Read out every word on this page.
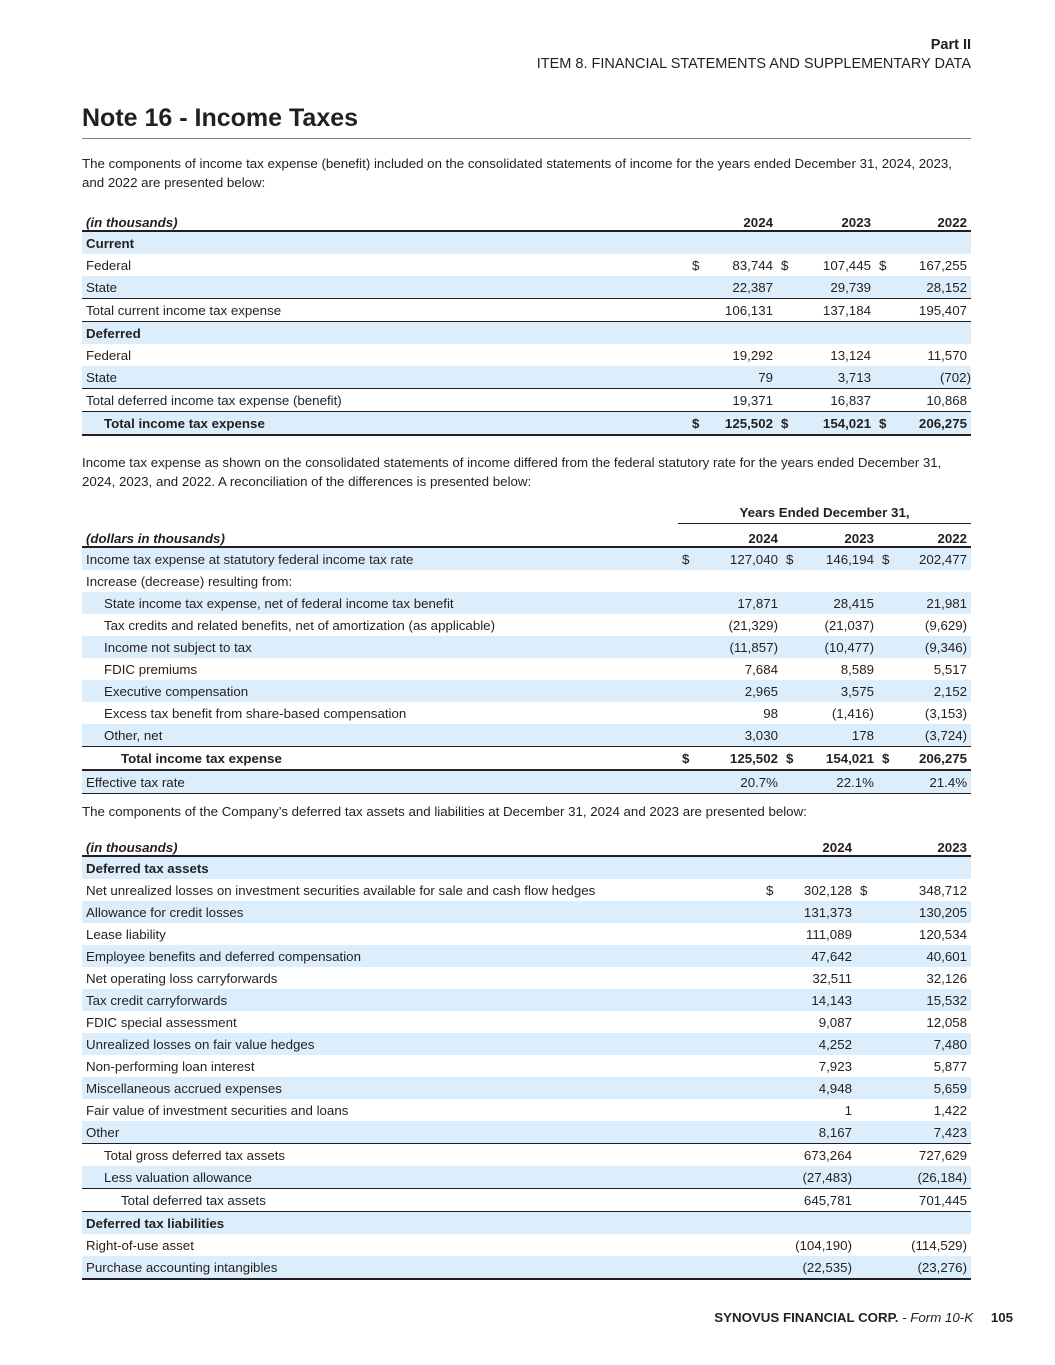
Part II
ITEM 8. FINANCIAL STATEMENTS AND SUPPLEMENTARY DATA
Note 16 - Income Taxes

The components of income tax expense (benefit) included on the consolidated statements of income for the years ended December 31, 2024, 2023, and 2022 are presented below:

(in thousands)		2024		2023		2022
Current						
Federal	$	83,744	$	107,445	$	167,255
State		22,387		29,739		28,152
Total current income tax expense		106,131		137,184		195,407
Deferred						
Federal		19,292		13,124		11,570
State		79		3,713		(702)
Total deferred income tax expense (benefit)		19,371		16,837		10,868
Total income tax expense	$	125,502	$	154,021	$	206,275

Income tax expense as shown on the consolidated statements of income differed from the federal statutory rate for the years ended December 31, 2024, 2023, and 2022. A reconciliation of the differences is presented below:

	Years Ended December 31,					
(dollars in thousands)		2024		2023		2022
Income tax expense at statutory federal income tax rate	$	127,040	$	146,194	$	202,477
Increase (decrease) resulting from:						
State income tax expense, net of federal income tax benefit		17,871		28,415		21,981
Tax credits and related benefits, net of amortization (as applicable)		(21,329)		(21,037)		(9,629)
Income not subject to tax		(11,857)		(10,477)		(9,346)
FDIC premiums		7,684		8,589		5,517
Executive compensation		2,965		3,575		2,152
Excess tax benefit from share-based compensation		98		(1,416)		(3,153)
Other, net		3,030		178		(3,724)
Total income tax expense	$	125,502	$	154,021	$	206,275
Effective tax rate		20.7%		22.1%		21.4%

The components of the Company’s deferred tax assets and liabilities at December 31, 2024 and 2023 are presented below:

(in thousands)		2024		2023
Deferred tax assets				
Net unrealized losses on investment securities available for sale and cash flow hedges	$	302,128	$	348,712
Allowance for credit losses		131,373		130,205
Lease liability		111,089		120,534
Employee benefits and deferred compensation		47,642		40,601
Net operating loss carryforwards		32,511		32,126
Tax credit carryforwards		14,143		15,532
FDIC special assessment		9,087		12,058
Unrealized losses on fair value hedges		4,252		7,480
Non-performing loan interest		7,923		5,877
Miscellaneous accrued expenses		4,948		5,659
Fair value of investment securities and loans		1		1,422
Other		8,167		7,423
Total gross deferred tax assets		673,264		727,629
Less valuation allowance		(27,483)		(26,184)
Total deferred tax assets		645,781		701,445
Deferred tax liabilities				
Right-of-use asset		(104,190)		(114,529)
Purchase accounting intangibles		(22,535)		(23,276)
SYNOVUS FINANCIAL CORP. - Form 10-K 105
